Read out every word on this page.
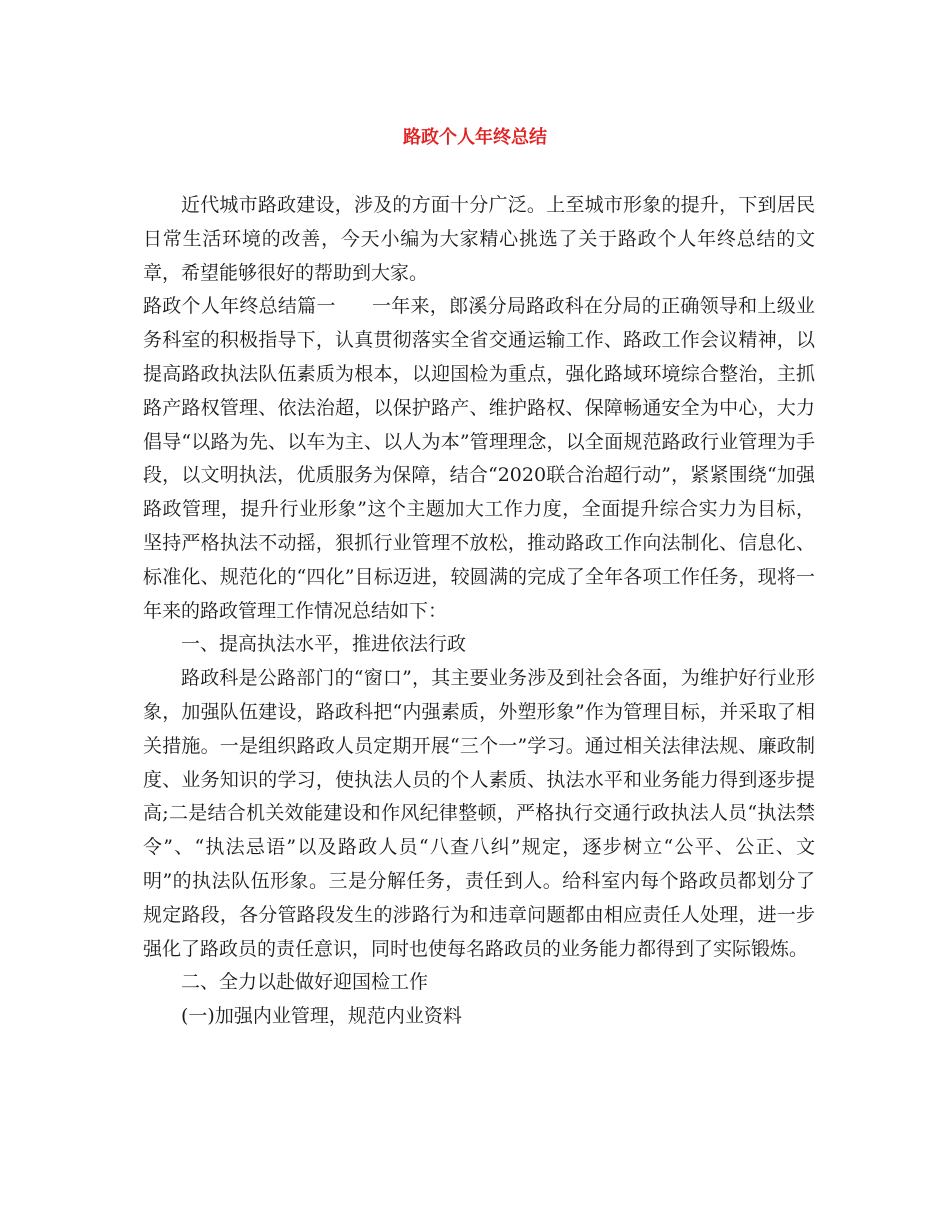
路政个人年终总结

近代城市路政建设，涉及的方面十分广泛。上至城市形象的提升，下到居民日常生活环境的改善，今天小编为大家精心挑选了关于路政个人年终总结的文章，希望能够很好的帮助到大家。

路政个人年终总结篇一 一年来，郎溪分局路政科在分局的正确领导和上级业务科室的积极指导下，认真贯彻落实全省交通运输工作、路政工作会议精神，以提高路政执法队伍素质为根本，以迎国检为重点，强化路域环境综合整治，主抓路产路权管理、依法治超，以保护路产、维护路权、保障畅通安全为中心，大力倡导“以路为先、以车为主、以人为本”管理理念，以全面规范路政行业管理为手段，以文明执法，优质服务为保障，结合“2020联合治超行动”，紧紧围绕“加强路政管理，提升行业形象”这个主题加大工作力度，全面提升综合实力为目标，坚持严格执法不动摇，狠抓行业管理不放松，推动路政工作向法制化、信息化、标准化、规范化的“四化”目标迈进，较圆满的完成了全年各项工作任务，现将一年来的路政管理工作情况总结如下：

一、提高执法水平，推进依法行政

路政科是公路部门的“窗口”，其主要业务涉及到社会各面，为维护好行业形象，加强队伍建设，路政科把“内强素质，外塑形象”作为管理目标，并采取了相关措施。一是组织路政人员定期开展“三个一”学习。通过相关法律法规、廉政制度、业务知识的学习，使执法人员的个人素质、执法水平和业务能力得到逐步提高;二是结合机关效能建设和作风纪律整顿，严格执行交通行政执法人员“执法禁令”、“执法忌语”以及路政人员“八查八纠”规定，逐步树立“公平、公正、文明”的执法队伍形象。三是分解任务，责任到人。给科室内每个路政员都划分了规定路段，各分管路段发生的涉路行为和违章问题都由相应责任人处理，进一步强化了路政员的责任意识，同时也使每名路政员的业务能力都得到了实际锻炼。

二、全力以赴做好迎国检工作

(一)加强内业管理，规范内业资料
